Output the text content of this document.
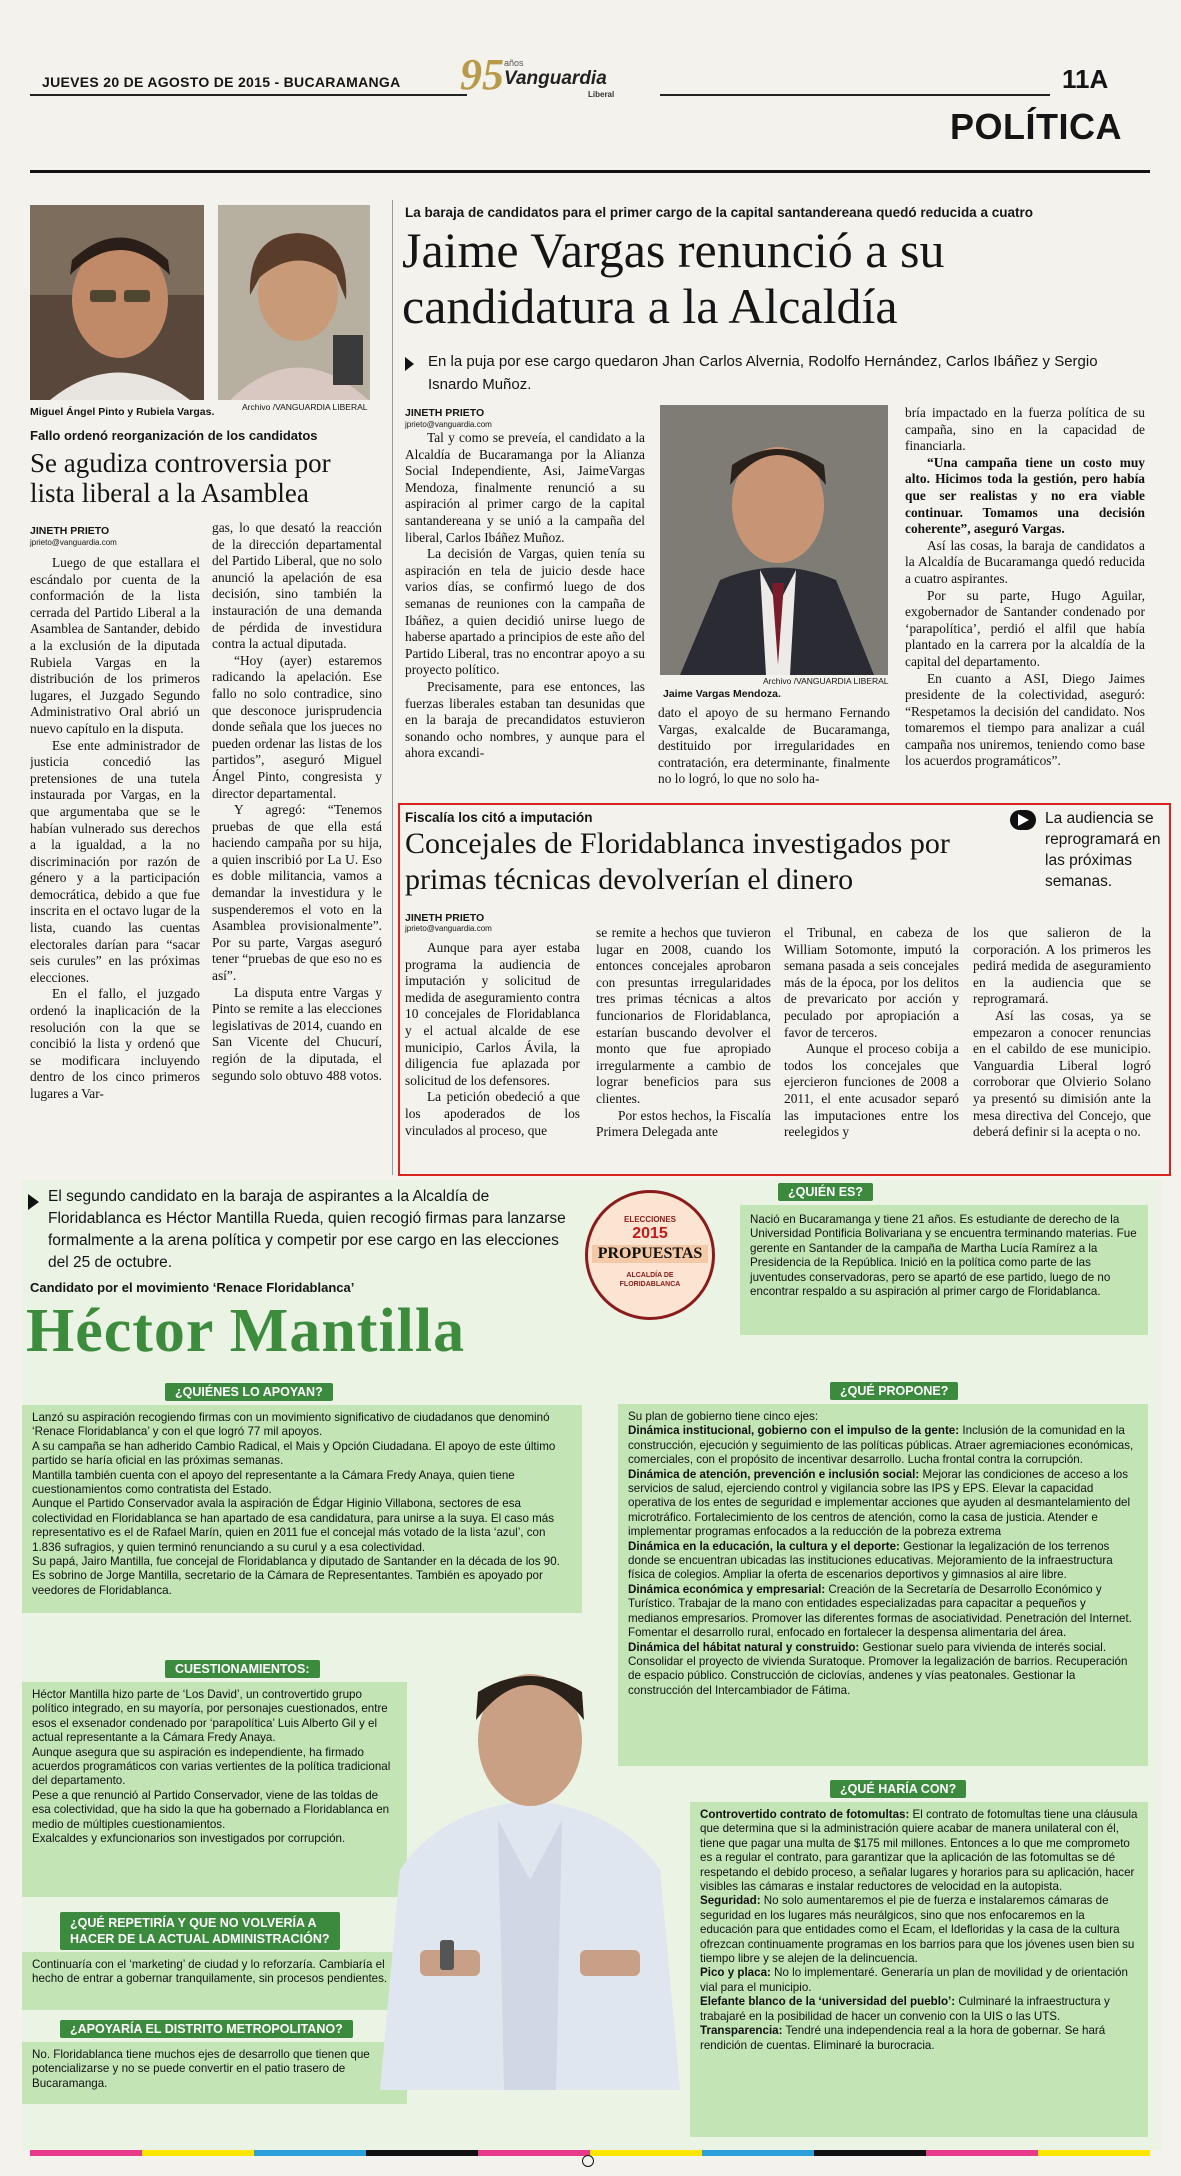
JUEVES 20 DE AGOSTO DE 2015 - BUCARAMANGA 95 años
Vanguardia
Liberal
11A
POLÍTICA
Archivo /VANGUARDIA LIBERAL
Miguel Ángel Pinto y Rubiela Vargas.
Fallo ordenó reorganización de los candidatos
Se agudiza controversia por lista liberal a la Asamblea
JINETH PRIETO
jprieto@vanguardia.com

Luego de que estallara el escándalo por cuenta de la conformación de la lista cerrada del Partido Liberal a la Asamblea de Santander, debido a la exclusión de la diputada Rubiela Vargas en la distribución de los primeros lugares, el Juzgado Segundo Administrativo Oral abrió un nuevo capítulo en la disputa.

Ese ente administrador de justicia concedió las pretensiones de una tutela instaurada por Vargas, en la que argumentaba que se le habían vulnerado sus derechos a la igualdad, a la no discriminación por razón de género y a la participación democrática, debido a que fue inscrita en el octavo lugar de la lista, cuando las cuentas electorales darían para “sacar seis curules” en las próximas elecciones.

En el fallo, el juzgado ordenó la inaplicación de la resolución con la que se concibió la lista y ordenó que se modificara incluyendo dentro de los cinco primeros lugares a Var-

gas, lo que desató la reacción de la dirección departamental del Partido Liberal, que no solo anunció la apelación de esa decisión, sino también la instauración de una demanda de pérdida de investidura contra la actual diputada.

“Hoy (ayer) estaremos radicando la apelación. Ese fallo no solo contradice, sino que desconoce jurisprudencia donde señala que los jueces no pueden ordenar las listas de los partidos”, aseguró Miguel Ángel Pinto, congresista y director departamental.

Y agregó: “Tenemos pruebas de que ella está haciendo campaña por su hija, a quien inscribió por La U. Eso es doble militancia, vamos a demandar la investidura y le suspenderemos el voto en la Asamblea provisionalmente”. Por su parte, Vargas aseguró tener “pruebas de que eso no es así”.

La disputa entre Vargas y Pinto se remite a las elecciones legislativas de 2014, cuando en San Vicente del Chucurí, región de la diputada, el segundo solo obtuvo 488 votos.

La baraja de candidatos para el primer cargo de la capital santandereana quedó reducida a cuatro
Jaime Vargas renunció a su candidatura a la Alcaldía
En la puja por ese cargo quedaron Jhan Carlos Alvernia, Rodolfo Hernández, Carlos Ibáñez y Sergio Isnardo Muñoz.
JINETH PRIETO
jprieto@vanguardia.com

Tal y como se preveía, el candidato a la Alcaldía de Bucaramanga por la Alianza Social Independiente, Asi, JaimeVargas Mendoza, finalmente renunció a su aspiración al primer cargo de la capital santandereana y se unió a la campaña del liberal, Carlos Ibáñez Muñoz.

La decisión de Vargas, quien tenía su aspiración en tela de juicio desde hace varios días, se confirmó luego de dos semanas de reuniones con la campaña de Ibáñez, a quien decidió unirse luego de haberse apartado a principios de este año del Partido Liberal, tras no encontrar apoyo a su proyecto político.

Precisamente, para ese entonces, las fuerzas liberales estaban tan desunidas que en la baraja de precandidatos estuvieron sonando ocho nombres, y aunque para el ahora excandi-

Archivo /VANGUARDIA LIBERAL
Jaime Vargas Mendoza.

dato el apoyo de su hermano Fernando Vargas, exalcalde de Bucaramanga, destituido por irregularidades en contratación, era determinante, finalmente no lo logró, lo que no solo ha-

bría impactado en la fuerza política de su campaña, sino en la capacidad de financiarla.

“Una campaña tiene un costo muy alto. Hicimos toda la gestión, pero había que ser realistas y no era viable continuar. Tomamos una decisión coherente”, aseguró Vargas.

Así las cosas, la baraja de candidatos a la Alcaldía de Bucaramanga quedó reducida a cuatro aspirantes.

Por su parte, Hugo Aguilar, exgobernador de Santander condenado por ‘parapolítica’, perdió el alfil que había plantado en la carrera por la alcaldía de la capital del departamento.

En cuanto a ASI, Diego Jaimes presidente de la colectividad, aseguró: “Respetamos la decisión del candidato. Nos tomaremos el tiempo para analizar a cuál campaña nos uniremos, teniendo como base los acuerdos programáticos”.

Fiscalía los citó a imputación
Concejales de Floridablanca investigados por primas técnicas devolverían el dinero
La audiencia se reprogramará en las próximas semanas.
JINETH PRIETO
jprieto@vanguardia.com

Aunque para ayer estaba programa la audiencia de imputación y solicitud de medida de aseguramiento contra 10 concejales de Floridablanca y el actual alcalde de ese municipio, Carlos Ávila, la diligencia fue aplazada por solicitud de los defensores.

La petición obedeció a que los apoderados de los vinculados al proceso, que

se remite a hechos que tuvieron lugar en 2008, cuando los entonces concejales aprobaron con presuntas irregularidades tres primas técnicas a altos funcionarios de Floridablanca, estarían buscando devolver el monto que fue apropiado irregularmente a cambio de lograr beneficios para sus clientes.

Por estos hechos, la Fiscalía Primera Delegada ante

el Tribunal, en cabeza de William Sotomonte, imputó la semana pasada a seis concejales más de la época, por los delitos de prevaricato por acción y peculado por apropiación a favor de terceros.

Aunque el proceso cobija a todos los concejales que ejercieron funciones de 2008 a 2011, el ente acusador separó las imputaciones entre los reelegidos y

los que salieron de la corporación. A los primeros les pedirá medida de aseguramiento en la audiencia que se reprogramará.

Así las cosas, ya se empezaron a conocer renuncias en el cabildo de ese municipio. Vanguardia Liberal logró corroborar que Olvierio Solano ya presentó su dimisión ante la mesa directiva del Concejo, que deberá definir si la acepta o no.

El segundo candidato en la baraja de aspirantes a la Alcaldía de Floridablanca es Héctor Mantilla Rueda, quien recogió firmas para lanzarse formalmente a la arena política y competir por ese cargo en las elecciones del 25 de octubre.
Candidato por el movimiento ‘Renace Floridablanca’
Héctor Mantilla
ELECCIONES
2015
PROPUESTAS
ALCALDÍA DE FLORIDABLANCA
¿QUIÉN ES?

Nació en Bucaramanga y tiene 21 años. Es estudiante de derecho de la Universidad Pontificia Bolivariana y se encuentra terminando materias. Fue gerente en Santander de la campaña de Martha Lucía Ramírez a la Presidencia de la República. Inició en la política como parte de las juventudes conservadoras, pero se apartó de ese partido, luego de no encontrar respaldo a su aspiración al primer cargo de Floridablanca.

¿QUIÉNES LO APOYAN?

Lanzó su aspiración recogiendo firmas con un movimiento significativo de ciudadanos que denominó ‘Renace Floridablanca’ y con el que logró 77 mil apoyos.

A su campaña se han adherido Cambio Radical, el Mais y Opción Ciudadana. El apoyo de este último partido se haría oficial en las próximas semanas.

Mantilla también cuenta con el apoyo del representante a la Cámara Fredy Anaya, quien tiene cuestionamientos como contratista del Estado.

Aunque el Partido Conservador avala la aspiración de Édgar Higinio Villabona, sectores de esa colectividad en Floridablanca se han apartado de esa candidatura, para unirse a la suya. El caso más representativo es el de Rafael Marín, quien en 2011 fue el concejal más votado de la lista ‘azul’, con 1.836 sufragios, y quien terminó renunciando a su curul y a esa colectividad.

Su papá, Jairo Mantilla, fue concejal de Floridablanca y diputado de Santander en la década de los 90. Es sobrino de Jorge Mantilla, secretario de la Cámara de Representantes. También es apoyado por veedores de Floridablanca.

CUESTIONAMIENTOS:

Héctor Mantilla hizo parte de ‘Los David’, un controvertido grupo político integrado, en su mayoría, por personajes cuestionados, entre esos el exsenador condenado por ‘parapolítica’ Luis Alberto Gil y el actual representante a la Cámara Fredy Anaya.

Aunque asegura que su aspiración es independiente, ha firmado acuerdos programáticos con varias vertientes de la política tradicional del departamento.

Pese a que renunció al Partido Conservador, viene de las toldas de esa colectividad, que ha sido la que ha gobernado a Floridablanca en medio de múltiples cuestionamientos.

Exalcaldes y exfuncionarios son investigados por corrupción.

¿QUÉ REPETIRÍA Y QUE NO VOLVERÍA A HACER DE LA ACTUAL ADMINISTRACIÓN?

Continuaría con el ‘marketing’ de ciudad y lo reforzaría. Cambiaría el hecho de entrar a gobernar tranquilamente, sin procesos pendientes.

¿APOYARÍA EL DISTRITO METROPOLITANO?

No. Floridablanca tiene muchos ejes de desarrollo que tienen que potencializarse y no se puede convertir en el patio trasero de Bucaramanga.

¿QUÉ PROPONE?

Su plan de gobierno tiene cinco ejes:

Dinámica institucional, gobierno con el impulso de la gente: Inclusión de la comunidad en la construcción, ejecución y seguimiento de las políticas públicas. Atraer agremiaciones económicas, comerciales, con el propósito de incentivar desarrollo. Lucha frontal contra la corrupción.

Dinámica de atención, prevención e inclusión social: Mejorar las condiciones de acceso a los servicios de salud, ejerciendo control y vigilancia sobre las IPS y EPS. Elevar la capacidad operativa de los entes de seguridad e implementar acciones que ayuden al desmantelamiento del microtráfico. Fortalecimiento de los centros de atención, como la casa de justicia. Atender e implementar programas enfocados a la reducción de la pobreza extrema

Dinámica en la educación, la cultura y el deporte: Gestionar la legalización de los terrenos donde se encuentran ubicadas las instituciones educativas. Mejoramiento de la infraestructura física de colegios. Ampliar la oferta de escenarios deportivos y gimnasios al aire libre.

Dinámica económica y empresarial: Creación de la Secretaría de Desarrollo Económico y Turístico. Trabajar de la mano con entidades especializadas para capacitar a pequeños y medianos empresarios. Promover las diferentes formas de asociatividad. Penetración del Internet. Fomentar el desarrollo rural, enfocado en fortalecer la despensa alimentaria del área.

Dinámica del hábitat natural y construido: Gestionar suelo para vivienda de interés social. Consolidar el proyecto de vivienda Suratoque. Promover la legalización de barrios. Recuperación de espacio público. Construcción de ciclovías, andenes y vías peatonales. Gestionar la construcción del Intercambiador de Fátima.

¿QUÉ HARÍA CON?

Controvertido contrato de fotomultas: El contrato de fotomultas tiene una cláusula que determina que si la administración quiere acabar de manera unilateral con él, tiene que pagar una multa de $175 mil millones. Entonces a lo que me comprometo es a regular el contrato, para garantizar que la aplicación de las fotomultas se dé respetando el debido proceso, a señalar lugares y horarios para su aplicación, hacer visibles las cámaras e instalar reductores de velocidad en la autopista.

Seguridad: No solo aumentaremos el pie de fuerza e instalaremos cámaras de seguridad en los lugares más neurálgicos, sino que nos enfocaremos en la educación para que entidades como el Ecam, el Idefloridas y la casa de la cultura ofrezcan continuamente programas en los barrios para que los jóvenes usen bien su tiempo libre y se alejen de la delincuencia.

Pico y placa: No lo implementaré. Generaría un plan de movilidad y de orientación vial para el municipio.

Elefante blanco de la ‘universidad del pueblo’: Culminaré la infraestructura y trabajaré en la posibilidad de hacer un convenio con la UIS o las UTS.

Transparencia: Tendré una independencia real a la hora de gobernar. Se hará rendición de cuentas. Eliminaré la burocracia.
